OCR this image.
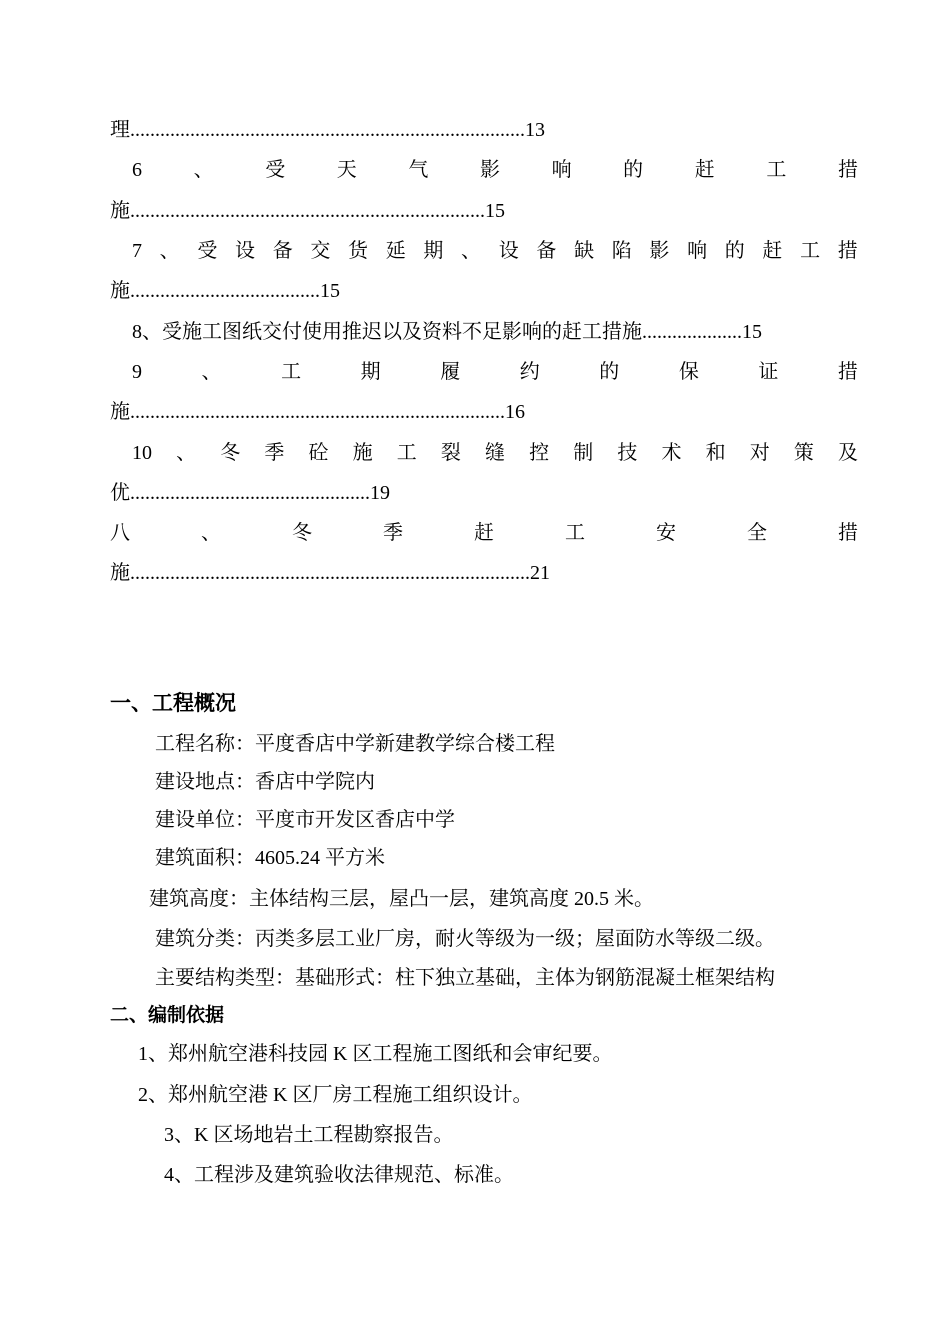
理...............................................................................13
6	、	受	天	气	影	响	的	赶	工	措
施.......................................................................15
7 、 受 设 备 交 货 延 期 、 设 备 缺 陷 影 响 的 赶 工 措
施......................................15
8、受施工图纸交付使用推迟以及资料不足影响的赶工措施....................15
9	、	工	期	履	约	的	保	证	措
施...........................................................................16
10 、 冬 季 砼 施 工 裂 缝 控 制 技 术 和 对 策 及
优................................................19
八	、	冬	季	赶	工	安	全	措
施................................................................................21
一、工程概况
工程名称：平度香店中学新建教学综合楼工程
建设地点：香店中学院内
建设单位：平度市开发区香店中学
建筑面积：4605.24 平方米
建筑高度：主体结构三层，屋凸一层，建筑高度 20.5 米。
建筑分类：丙类多层工业厂房，耐火等级为一级；屋面防水等级二级。
主要结构类型：基础形式：柱下独立基础，主体为钢筋混凝土框架结构
二、编制依据
1、郑州航空港科技园 K 区工程施工图纸和会审纪要。
2、郑州航空港 K 区厂房工程施工组织设计。
3、K 区场地岩土工程勘察报告。
4、工程涉及建筑验收法律规范、标准。
